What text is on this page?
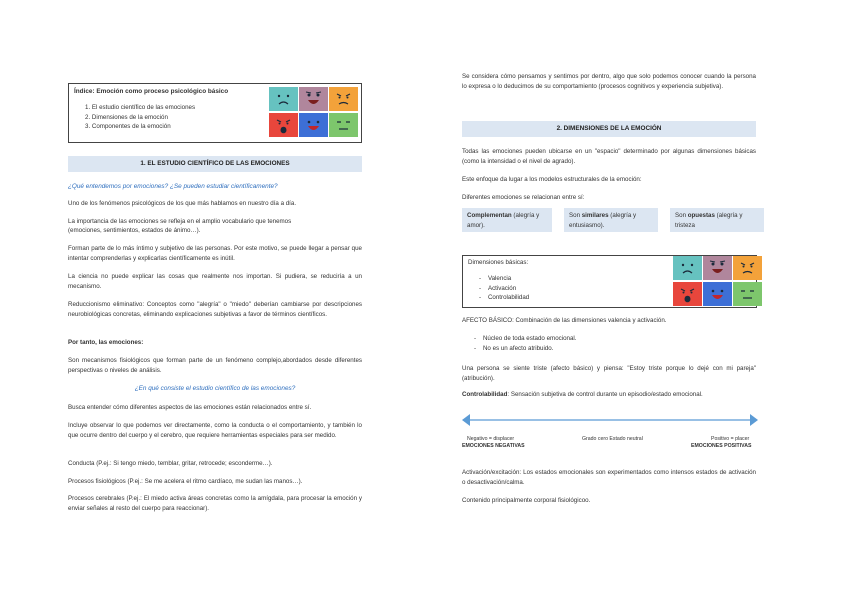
Índice: Emoción como proceso psicológico básico

1. El estudio científico de las emociones
2. Dimensiones de la emoción
3. Componentes de la emoción
1. EL ESTUDIO CIENTÍFICO DE LAS EMOCIONES

¿Qué entendemos por emociones? ¿Se pueden estudiar científicamente?

Uno de los fenómenos psicológicos de los que más hablamos en nuestro día a día.

La importancia de las emociones se refleja en el amplio vocabulario que tenemos

(emociones, sentimientos, estados de ánimo…).

Forman parte de lo más íntimo y subjetivo de las personas. Por este motivo, se puede llegar a pensar que intentar comprenderlas y explicarlas científicamente es inútil.

La ciencia no puede explicar las cosas que realmente nos importan. Si pudiera, se reduciría a un mecanismo.

Reduccionismo eliminativo: Conceptos como "alegría" o "miedo" deberían cambiarse por descripciones neurobiológicas concretas, eliminando explicaciones subjetivas a favor de términos científicos.

Por tanto, las emociones:

Son mecanismos fisiológicos que forman parte de un fenómeno complejo,abordados desde diferentes perspectivas o niveles de análisis.

¿En qué consiste el estudio científico de las emociones?

Busca entender cómo diferentes aspectos de las emociones están relacionados entre sí.

Incluye observar lo que podemos ver directamente, como la conducta o el comportamiento, y también lo que ocurre dentro del cuerpo y el cerebro, que requiere herramientas especiales para ser medido.

Conducta (P.ej.: Si tengo miedo, temblar, gritar, retrocede; esconderme…).

Procesos fisiológicos (P.ej.: Se me acelera el ritmo cardíaco, me sudan las manos…).

Procesos cerebrales (P.ej.: El miedo activa áreas concretas como la amígdala, para procesar la emoción y enviar señales al resto del cuerpo para reaccionar).

Se considera cómo pensamos y sentimos por dentro, algo que solo podemos conocer cuando la persona lo expresa o lo deducimos de su comportamiento (procesos cognitivos y experiencia subjetiva).

2. DIMENSIONES DE LA EMOCIÓN

Todas las emociones pueden ubicarse en un "espacio" determinado por algunas dimensiones básicas (como la intensidad o el nivel de agrado).

Este enfoque da lugar a los modelos estructurales de la emoción:

Diferentes emociones se relacionan entre sí:

Complementan (alegría y amor).
Son similares (alegría y entusiasmo).
Son opuestas (alegría y tristeza

Dimensiones básicas:

- Valencia
- Activación
- Controlabilidad

AFECTO BÁSICO: Combinación de las dimensiones valencia y activación.

- Núcleo de toda estado emocional.
- No es un afecto atribuido.

Una persona se siente triste (afecto básico) y piensa: "Estoy triste porque lo dejé con mi pareja" (atribución).

Controlabilidad: Sensación subjetiva de control durante un episodio/estado emocional.

Negativo = displacer

EMOCIONES NEGATIVAS

Grado cero Estado neutral	Positivo = placer

EMOCIONES POSITIVAS

Activación/excitación: Los estados emocionales son experimentados como intensos estados de activación o desactivación/calma.

Contenido principalmente corporal fisiológicoo.
